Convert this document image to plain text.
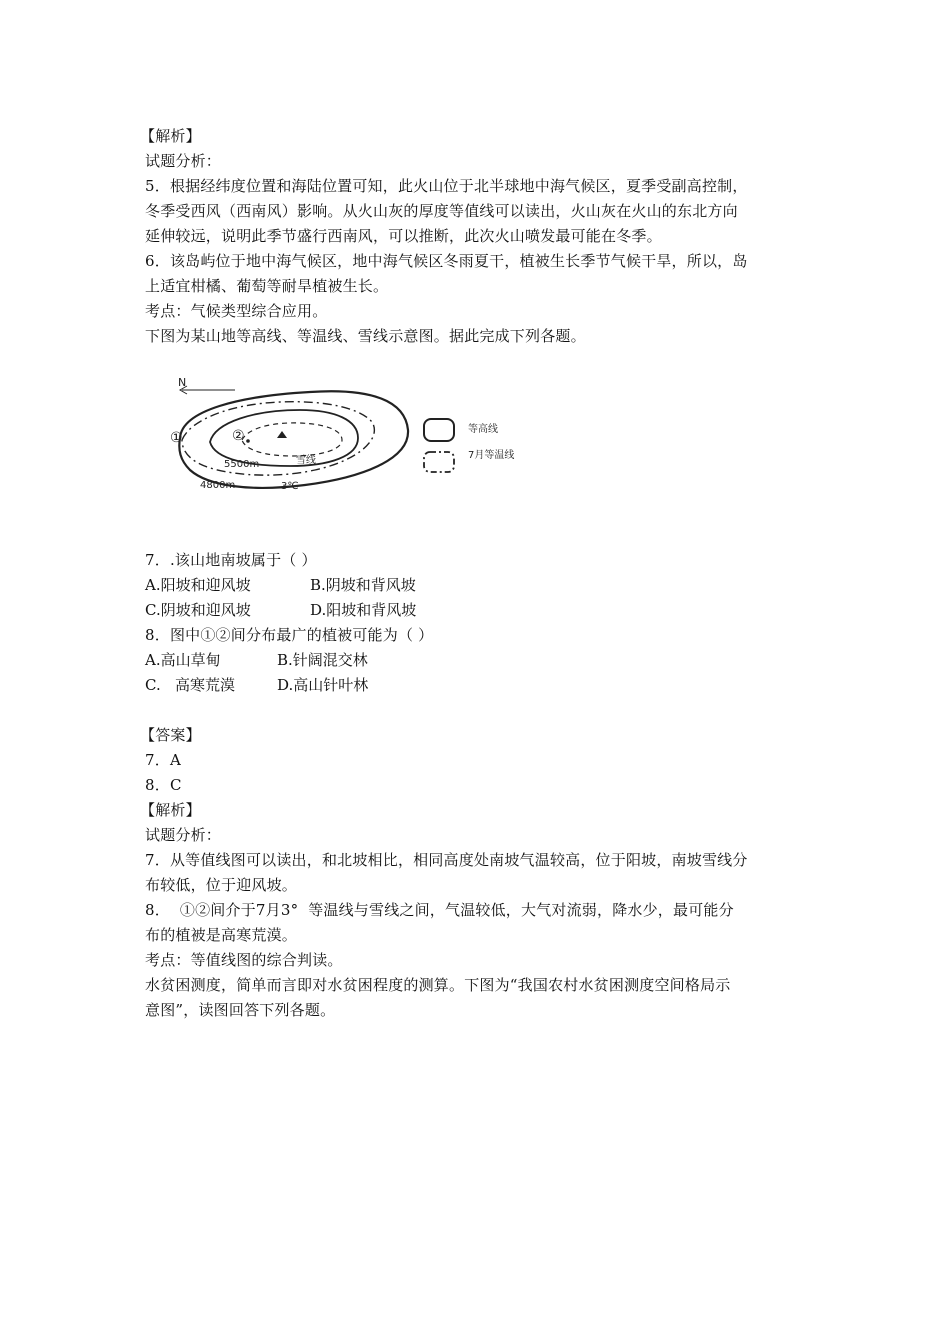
【解析】
试题分析：
5．根据经纬度位置和海陆位置可知，此火山位于北半球地中海气候区，夏季受副高控制，
冬季受西风（西南风）影响。从火山灰的厚度等值线可以读出，火山灰在火山的东北方向
延伸较远，说明此季节盛行西南风，可以推断，此次火山喷发最可能在冬季。
6．该岛屿位于地中海气候区，地中海气候区冬雨夏干，植被生长季节气候干旱，所以，岛
上适宜柑橘、葡萄等耐旱植被生长。
考点：气候类型综合应用。
下图为某山地等高线、等温线、雪线示意图。据此完成下列各题。
N
①	②
雪线
5500m
4800m	3℃
等高线
7月等温线
7．.该山地南坡属于（ ）
A.阳坡和迎风坡	B.阴坡和背风坡
C.阴坡和迎风坡	D.阳坡和背风坡
8．图中①②间分布最广的植被可能为（ ）
A.高山草甸	B.针阔混交林
C.   高寒荒漠	D.高山针叶林
【答案】
7．A
8．C
【解析】
试题分析：
7．从等值线图可以读出，和北坡相比，相同高度处南坡气温较高，位于阳坡，南坡雪线分
布较低，位于迎风坡。
8．  ①②间介于7月3°  等温线与雪线之间，气温较低，大气对流弱，降水少，最可能分
布的植被是高寒荒漠。
考点：等值线图的综合判读。
水贫困测度，简单而言即对水贫困程度的测算。下图为“我国农村水贫困测度空间格局示
意图”，读图回答下列各题。
